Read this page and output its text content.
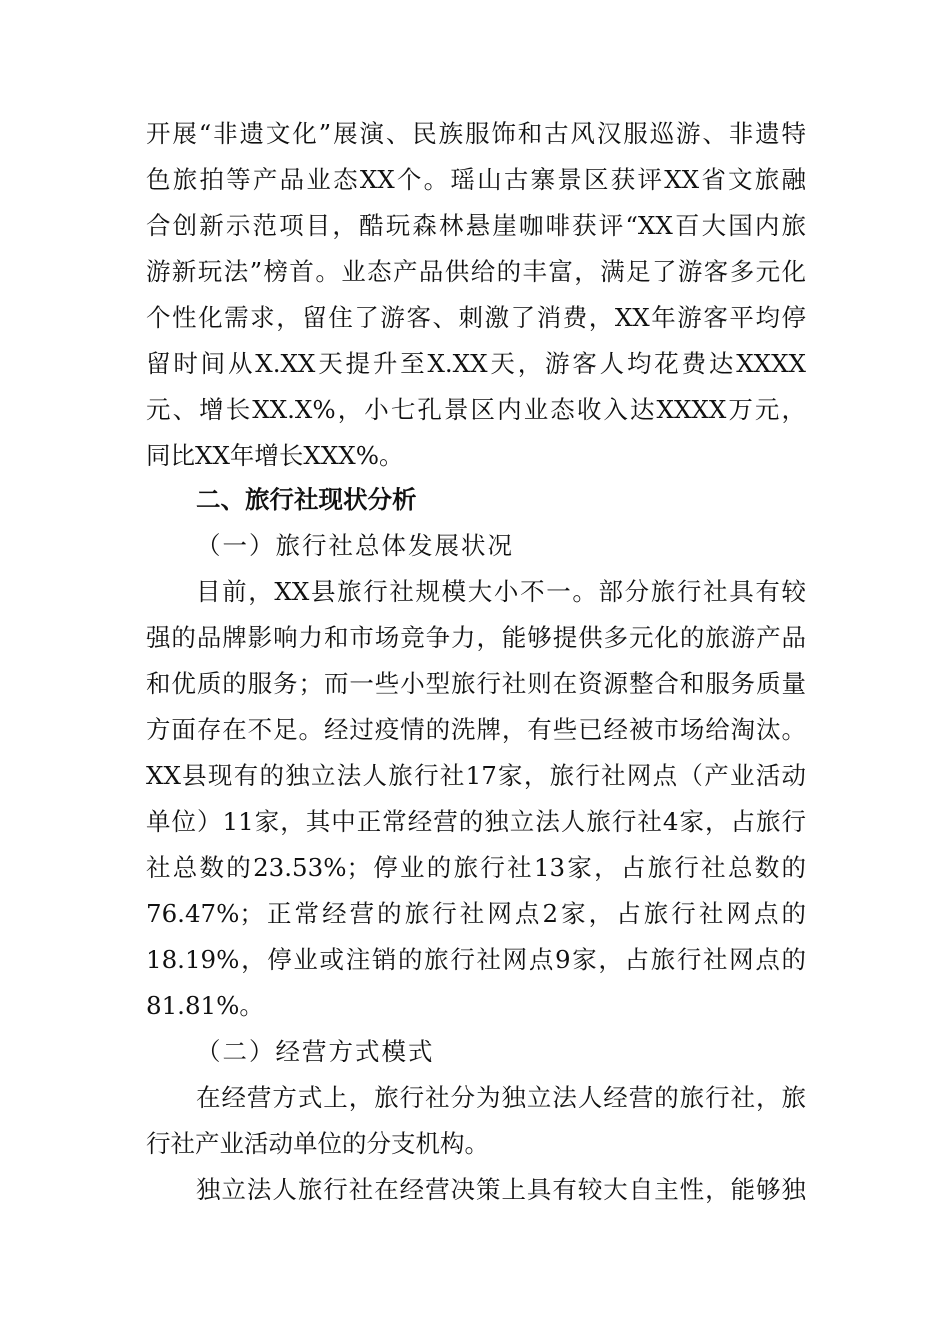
开展“非遗文化”展演、民族服饰和古风汉服巡游、非遗特
色旅拍等产品业态XX个。瑶山古寨景区获评XX省文旅融
合创新示范项目，酷玩森林悬崖咖啡获评“XX百大国内旅
游新玩法”榜首。业态产品供给的丰富，满足了游客多元化
个性化需求，留住了游客、刺激了消费，XX年游客平均停
留时间从X.XX天提升至X.XX天，游客人均花费达XXXX
元、增长XX.X%，小七孔景区内业态收入达XXXX万元，
同比XX年增长XXX%。
二、旅行社现状分析
（一）旅行社总体发展状况
目前，XX县旅行社规模大小不一。部分旅行社具有较
强的品牌影响力和市场竞争力，能够提供多元化的旅游产品
和优质的服务；而一些小型旅行社则在资源整合和服务质量
方面存在不足。经过疫情的洗牌，有些已经被市场给淘汰。
XX县现有的独立法人旅行社17家，旅行社网点（产业活动
单位）11家，其中正常经营的独立法人旅行社4家，占旅行
社总数的23.53%；停业的旅行社13家，占旅行社总数的
76.47%；正常经营的旅行社网点2家，占旅行社网点的
18.19%，停业或注销的旅行社网点9家，占旅行社网点的
81.81%。
（二）经营方式模式
在经营方式上，旅行社分为独立法人经营的旅行社，旅
行社产业活动单位的分支机构。
独立法人旅行社在经营决策上具有较大自主性，能够独
